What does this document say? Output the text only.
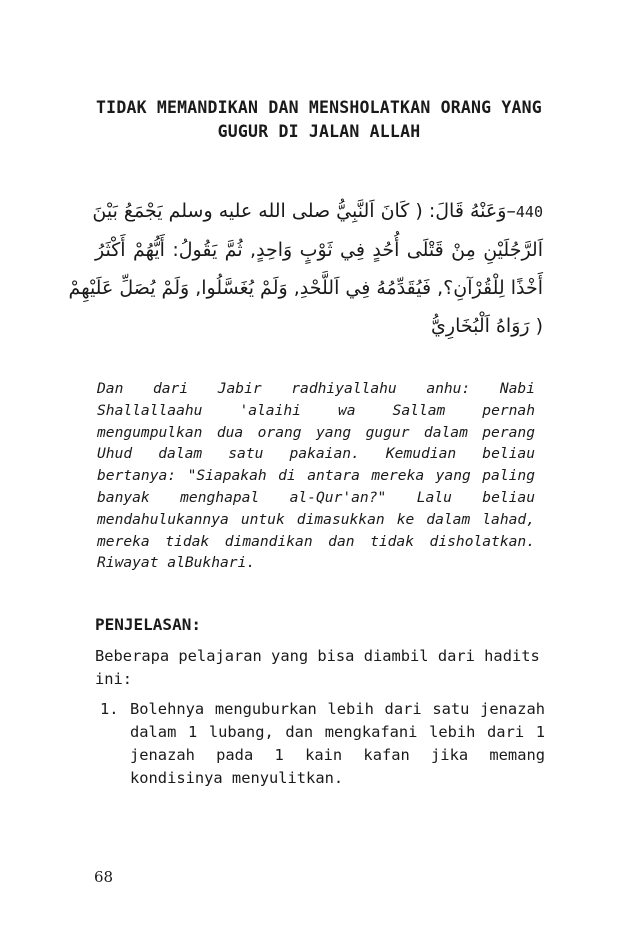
TIDAK MEMANDIKAN DAN MENSHOLATKAN ORANG YANG GUGUR DI JALAN ALLAH
440–وَعَنْهُ قَالَ: ( كَانَ اَلنَّبِيُّ صلى الله عليه وسلم يَجْمَعُ بَيْنَ
اَلرَّجُلَيْنِ مِنْ قَتْلَى أُحُدٍ فِي ثَوْبٍ وَاحِدٍ, ثُمَّ يَقُولُ: أَيُّهُمْ أَكْثَرُ
أَخْذًا لِلْقُرْآنِ؟, فَيُقَدِّمُهُ فِي اَللَّحْدِ, وَلَمْ يُغَسَّلُوا, وَلَمْ يُصَلِّ عَلَيْهِمْ
( رَوَاهُ اَلْبُخَارِيُّ
Dan dari Jabir radhiyallahu anhu: Nabi Shallallaahu 'alaihi wa Sallam pernah mengumpulkan dua orang yang gugur dalam perang Uhud dalam satu pakaian. Kemudian beliau bertanya: "Siapakah di antara mereka yang paling banyak menghapal al-Qur'an?" Lalu beliau mendahulukannya untuk dimasukkan ke dalam lahad, mereka tidak dimandikan dan tidak disholatkan. Riwayat alBukhari.
PENJELASAN:
Beberapa pelajaran yang bisa diambil dari hadits ini:
1. Bolehnya menguburkan lebih dari satu jenazah dalam 1 lubang, dan mengkafani lebih dari 1 jenazah pada 1 kain kafan jika memang kondisinya menyulitkan.
68
